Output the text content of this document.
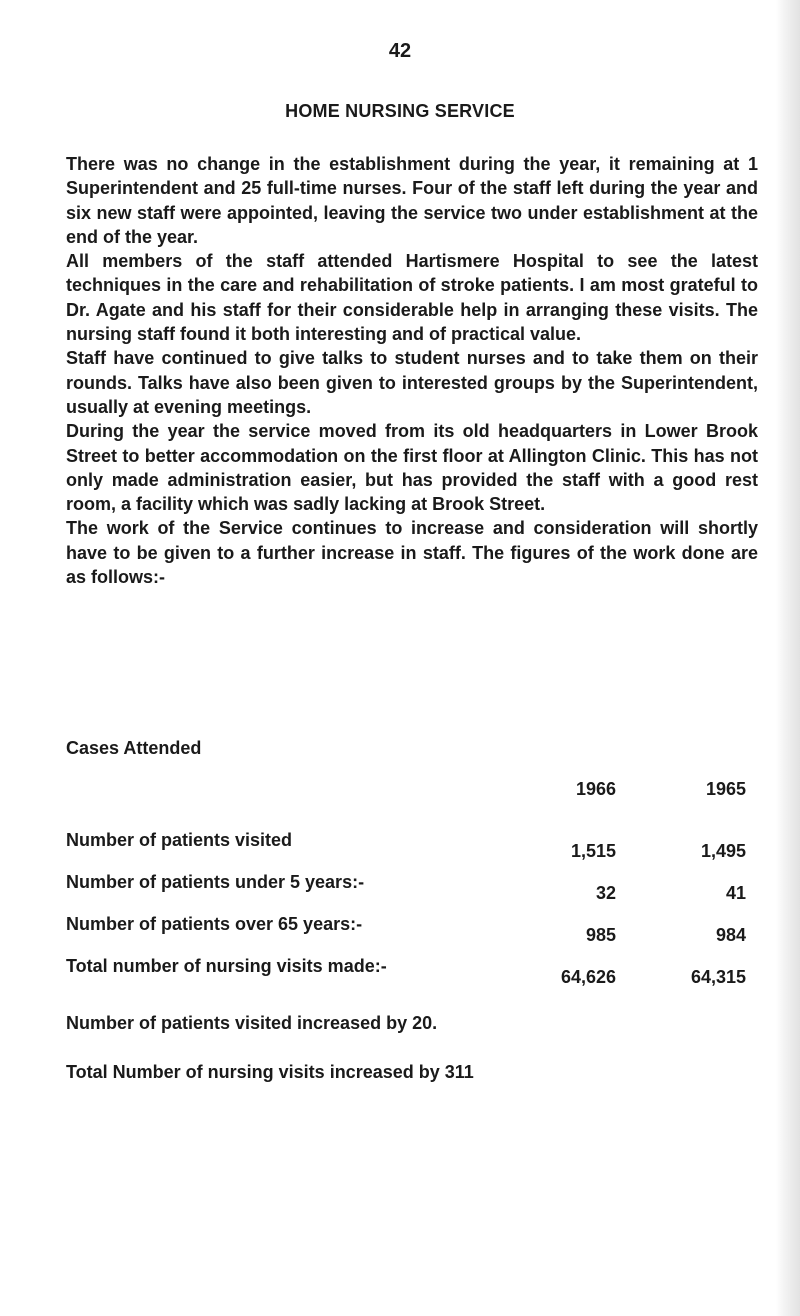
42
HOME NURSING SERVICE

There was no change in the establishment during the year, it remaining at 1 Superintendent and 25 full-time nurses. Four of the staff left during the year and six new staff were appointed, leaving the service two under establishment at the end of the year.

All members of the staff attended Hartismere Hospital to see the latest techniques in the care and rehabilitation of stroke patients. I am most grateful to Dr. Agate and his staff for their considerable help in arranging these visits. The nursing staff found it both interesting and of practical value.

Staff have continued to give talks to student nurses and to take them on their rounds. Talks have also been given to interested groups by the Superintendent, usually at evening meetings.

During the year the service moved from its old headquarters in Lower Brook Street to better accommodation on the first floor at Allington Clinic. This has not only made administration easier, but has provided the staff with a good rest room, a facility which was sadly lacking at Brook Street.

The work of the Service continues to increase and consideration will shortly have to be given to a further increase in staff. The figures of the work done are as follows:-

Cases Attended
	1966	1965

Number of patients visited	1,515	1,495
Number of patients under 5 years:-	32	41
Number of patients over 65 years:-	985	984
Total number of nursing visits made:-	64,626	64,315
Number of patients visited increased by 20.
Total Number of nursing visits increased by 311
